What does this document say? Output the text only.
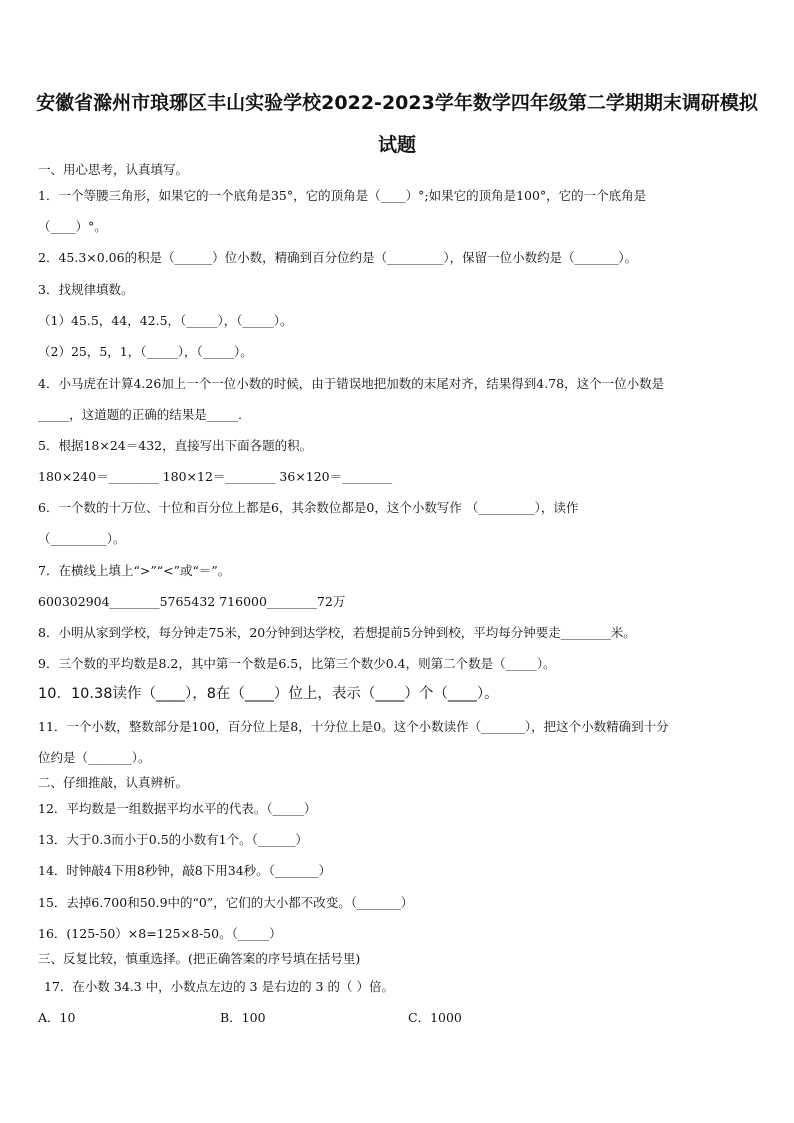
安徽省滁州市琅琊区丰山实验学校2022-2023学年数学四年级第二学期期末调研模拟
试题
一、用心思考，认真填写。
1．一个等腰三角形，如果它的一个底角是35°，它的顶角是（____）°;如果它的顶角是100°，它的一个底角是
（____）°。
2．45.3×0.06的积是（______）位小数，精确到百分位约是（_________），保留一位小数约是（_______）。
3．找规律填数。
（1）45.5，44，42.5，（_____），（_____）。
（2）25，5，1，（_____），（_____）。
4．小马虎在计算4.26加上一个一位小数的时候，由于错误地把加数的末尾对齐，结果得到4.78，这个一位小数是
_____，这道题的正确的结果是_____.
5．根据18×24＝432，直接写出下面各题的积。
180×240＝________ 180×12＝________ 36×120＝________
6．一个数的十万位、十位和百分位上都是6，其余数位都是0，这个小数写作 （_________），读作
（_________）。
7．在横线上填上“>”“<”或“＝”。
600302904________5765432 716000________72万
8．小明从家到学校，每分钟走75米，20分钟到达学校，若想提前5分钟到校，平均每分钟要走________米。
9．三个数的平均数是8.2，其中第一个数是6.5，比第三个数少0.4，则第二个数是（_____）。
10．10.38读作（____），8在（____）位上，表示（____）个（____）。
11．一个小数，整数部分是100，百分位上是8，十分位上是0。这个小数读作（_______），把这个小数精确到十分
位约是（_______）。
二、仔细推敲，认真辨析。
12．平均数是一组数据平均水平的代表。（_____）
13．大于0.3而小于0.5的小数有1个。（______）
14．时钟敲4下用8秒钟，敲8下用34秒。（_______）
15．去掉6.700和50.9中的“0”，它们的大小都不改变。（_______）
16．(125-50）×8=125×8-50。（_____）
三、反复比较，慎重选择。(把正确答案的序号填在括号里)
17．在小数 34.3 中，小数点左边的 3 是右边的 3 的（ ）倍。
A．10	B．100	C．1000
